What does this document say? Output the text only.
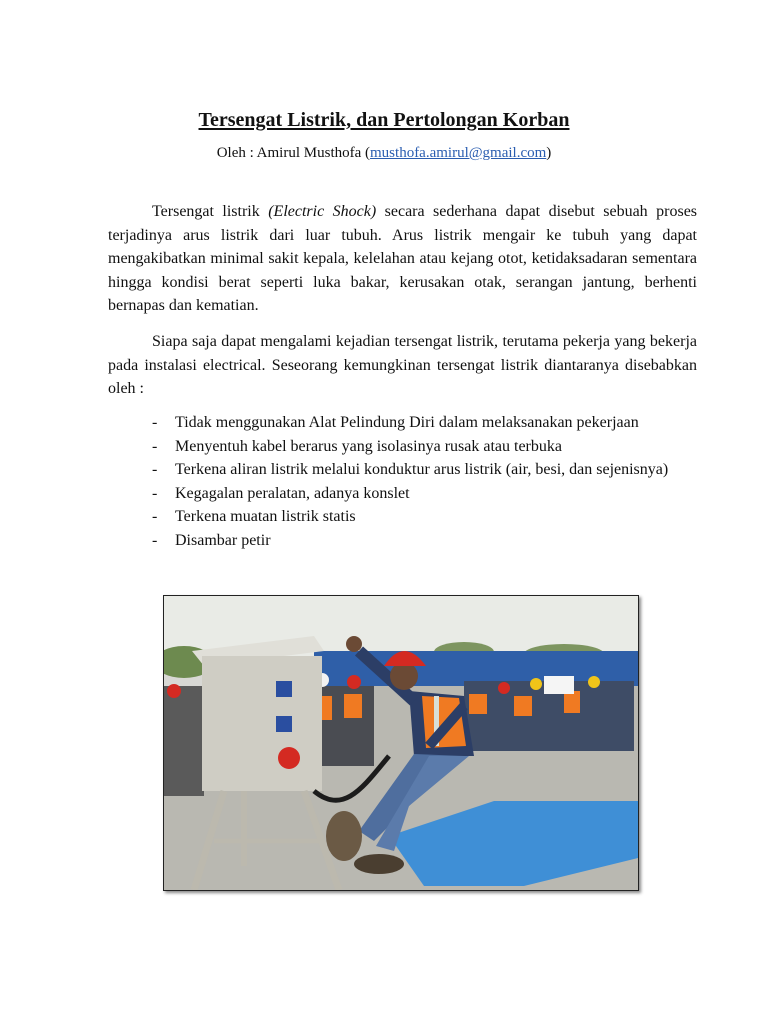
Tersengat Listrik, dan Pertolongan Korban
Oleh : Amirul Musthofa (musthofa.amirul@gmail.com)

Tersengat listrik (Electric Shock) secara sederhana dapat disebut sebuah proses terjadinya arus listrik dari luar tubuh. Arus listrik mengair ke tubuh yang dapat mengakibatkan minimal sakit kepala, kelelahan atau kejang otot, ketidaksadaran sementara hingga kondisi berat seperti luka bakar, kerusakan otak, serangan jantung, berhenti bernapas dan kematian.

Siapa saja dapat mengalami kejadian tersengat listrik, terutama pekerja yang bekerja pada instalasi electrical. Seseorang kemungkinan tersengat listrik diantaranya disebabkan oleh :

- Tidak menggunakan Alat Pelindung Diri dalam melaksanakan pekerjaan
- Menyentuh kabel berarus yang isolasinya rusak atau terbuka
- Terkena aliran listrik melalui konduktur arus listrik (air, besi, dan sejenisnya)
- Kegagalan peralatan, adanya konslet
- Terkena muatan listrik statis
- Disambar petir
